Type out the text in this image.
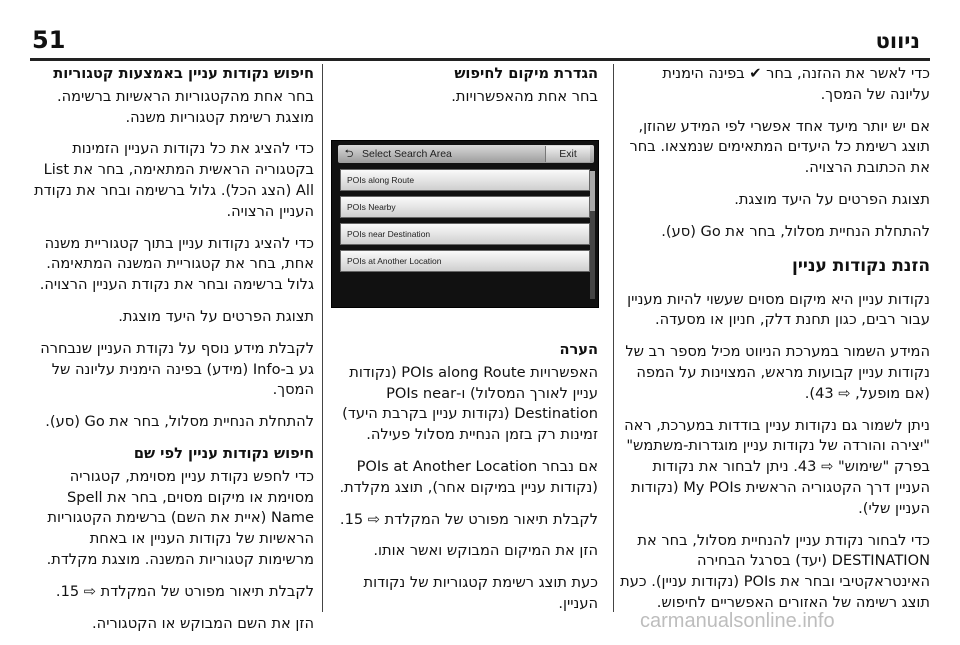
51	ניווט

כדי לאשר את ההזנה, בחר ✔ בפינה הימנית עליונה של המסך.

אם יש יותר מיעד אחד אפשרי לפי המידע שהוזן, תוצג רשימת כל היעדים המתאימים שנמצאו. בחר את הכתובת הרצויה.

תצוגת הפרטים על היעד מוצגת.

להתחלת הנחיית מסלול, בחר את Go (סע).

הזנת נקודות עניין

נקודות עניין היא מיקום מסוים שעשוי להיות מעניין עבור רבים, כגון תחנת דלק, חניון או מסעדה.

המידע השמור במערכת הניווט מכיל מספר רב של נקודות עניין קבועות מראש, המצוינות על המפה (אם מופעל, ⇨ 43).

ניתן לשמור גם נקודות עניין בודדות במערכת, ראה "יצירה והורדה של נקודות עניין מוגדרות-משתמש" בפרק "שימוש" ⇨ 43. ניתן לבחור את נקודות העניין דרך הקטגוריה הראשית My POIs (נקודות העניין שלי).

כדי לבחור נקודת עניין להנחיית מסלול, בחר את DESTINATION (יעד) בסרגל הבחירה האינטראקטיבי ובחר את POIs (נקודות עניין). כעת תוצג רשימה של האזורים האפשריים לחיפוש.

הגדרת מיקום לחיפוש

בחר אחת מהאפשרויות.

⮌ Select Search Area	Exit
POIs along Route
POIs Nearby
POIs near Destination
POIs at Another Location
הערה

האפשרויות POIs along Route (נקודות עניין לאורך המסלול) ו-POIs near Destination (נקודות עניין בקרבת היעד) זמינות רק בזמן הנחיית מסלול פעילה.

אם נבחר POIs at Another Location (נקודות עניין במיקום אחר), תוצג מקלדת.

לקבלת תיאור מפורט של המקלדת ⇨ 15.

הזן את המיקום המבוקש ואשר אותו.

כעת תוצג רשימת קטגוריות של נקודות העניין.

חיפוש נקודות עניין באמצעות קטגוריות

בחר אחת מהקטגוריות הראשיות ברשימה. מוצגת רשימת קטגוריות משנה.

כדי להציג את כל נקודות העניין הזמינות בקטגוריה הראשית המתאימה, בחר את List All (הצג הכל). גלול ברשימה ובחר את נקודת העניין הרצויה.

כדי להציג נקודות עניין בתוך קטגוריית משנה אחת, בחר את קטגוריית המשנה המתאימה. גלול ברשימה ובחר את נקודת העניין הרצויה.

תצוגת הפרטים על היעד מוצגת.

לקבלת מידע נוסף על נקודת העניין שנבחרה גע ב-Info (מידע) בפינה הימנית עליונה של המסך.

להתחלת הנחיית מסלול, בחר את Go (סע).

חיפוש נקודות עניין לפי שם

כדי לחפש נקודת עניין מסוימת, קטגוריה מסוימת או מיקום מסוים, בחר את Spell Name (איית את השם) ברשימת הקטגוריות הראשיות של נקודות העניין או באחת מרשימות קטגוריות המשנה. מוצגת מקלדת.

לקבלת תיאור מפורט של המקלדת ⇨ 15.

הזן את השם המבוקש או הקטגוריה.	carmanualsonline.info
